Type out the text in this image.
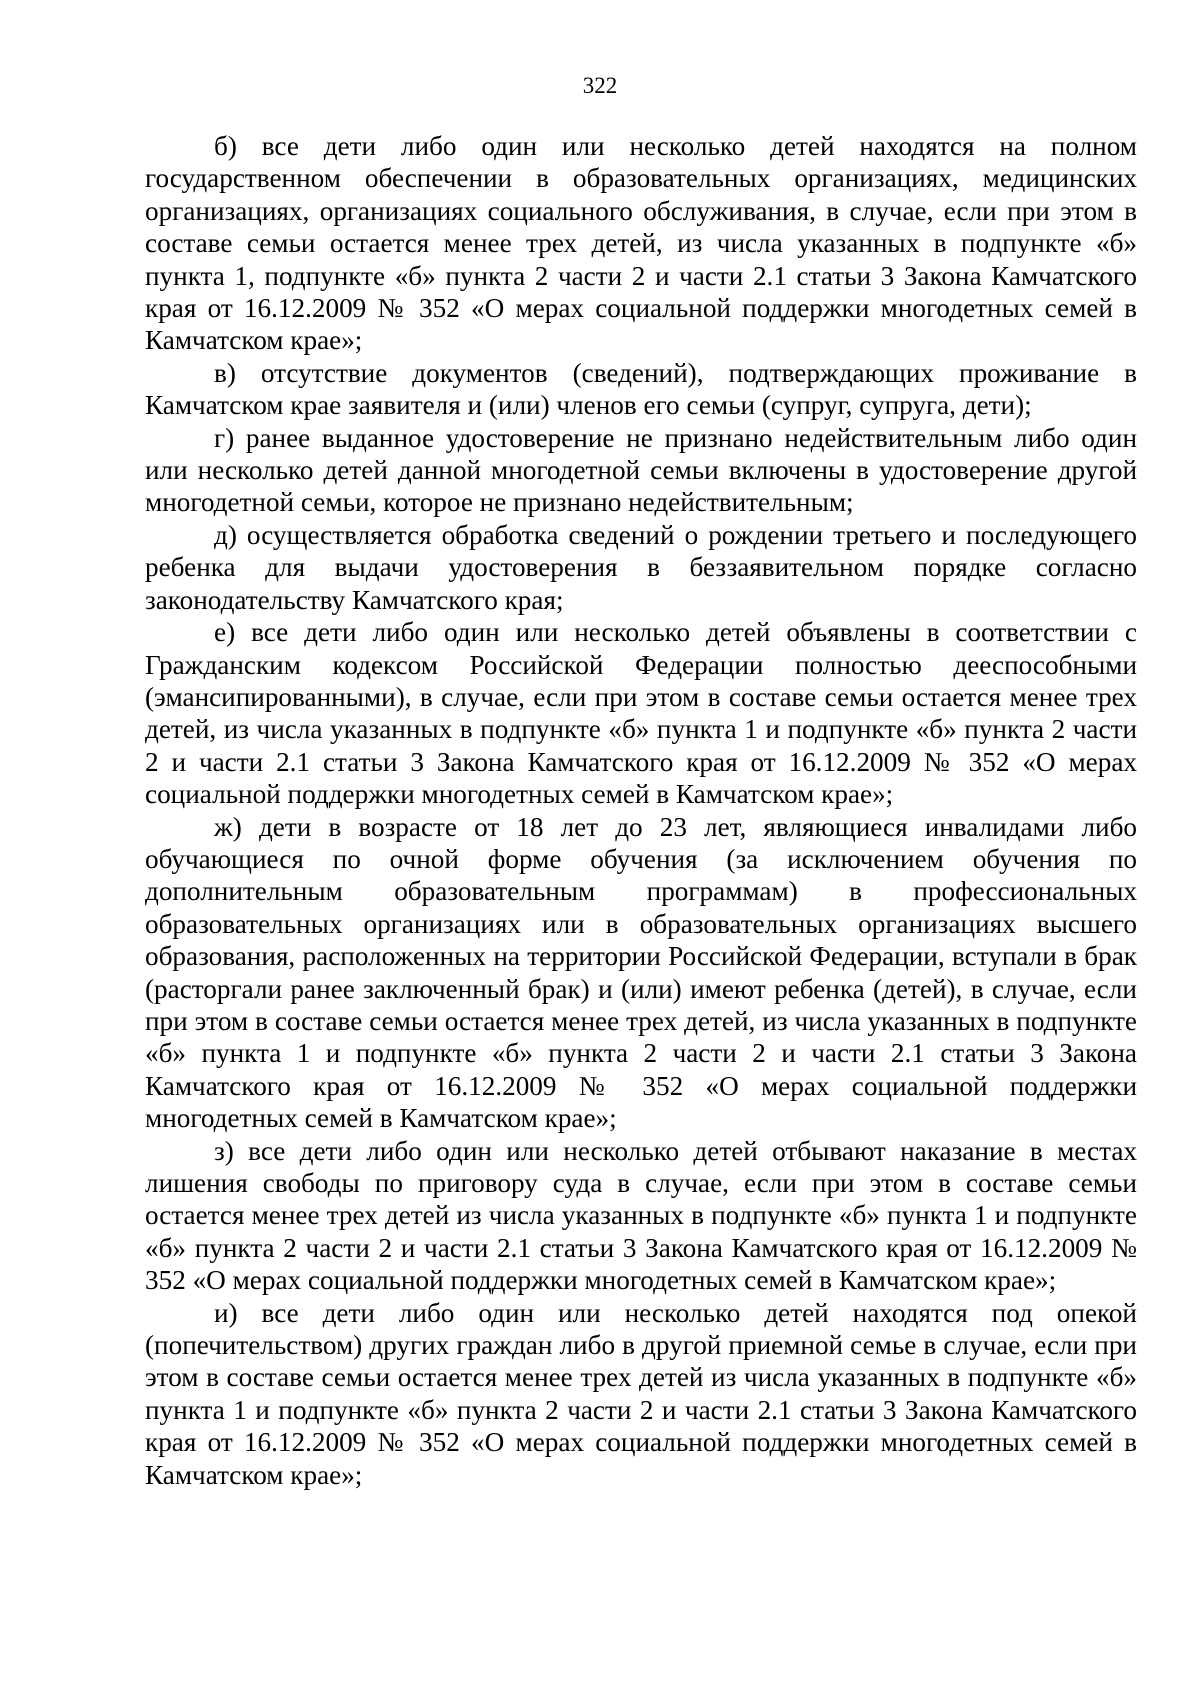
322

б) все дети либо один или несколько детей находятся на полном государственном обеспечении в образовательных организациях, медицинских организациях, организациях социального обслуживания, в случае, если при этом в составе семьи остается менее трех детей, из числа указанных в подпункте «б» пункта 1, подпункте «б» пункта 2 части 2 и части 2.1 статьи 3 Закона Камчатского края от 16.12.2009 № 352 «О мерах социальной поддержки многодетных семей в Камчатском крае»;

в) отсутствие документов (сведений), подтверждающих проживание в Камчатском крае заявителя и (или) членов его семьи (супруг, супруга, дети);

г) ранее выданное удостоверение не признано недействительным либо один или несколько детей данной многодетной семьи включены в удостоверение другой многодетной семьи, которое не признано недействительным;

д) осуществляется обработка сведений о рождении третьего и последующего ребенка для выдачи удостоверения в беззаявительном порядке согласно законодательству Камчатского края;

е) все дети либо один или несколько детей объявлены в соответствии с Гражданским кодексом Российской Федерации полностью дееспособными (эмансипированными), в случае, если при этом в составе семьи остается менее трех детей, из числа указанных в подпункте «б» пункта 1 и подпункте «б» пункта 2 части 2 и части 2.1 статьи 3 Закона Камчатского края от 16.12.2009 № 352 «О мерах социальной поддержки многодетных семей в Камчатском крае»;

ж) дети в возрасте от 18 лет до 23 лет, являющиеся инвалидами либо обучающиеся по очной форме обучения (за исключением обучения по дополнительным образовательным программам) в профессиональных образовательных организациях или в образовательных организациях высшего образования, расположенных на территории Российской Федерации, вступали в брак (расторгали ранее заключенный брак) и (или) имеют ребенка (детей), в случае, если при этом в составе семьи остается менее трех детей, из числа указанных в подпункте «б» пункта 1 и подпункте «б» пункта 2 части 2 и части 2.1 статьи 3 Закона Камчатского края от 16.12.2009 № 352 «О мерах социальной поддержки многодетных семей в Камчатском крае»;

з) все дети либо один или несколько детей отбывают наказание в местах лишения свободы по приговору суда в случае, если при этом в составе семьи остается менее трех детей из числа указанных в подпункте «б» пункта 1 и подпункте «б» пункта 2 части 2 и части 2.1 статьи 3 Закона Камчатского края от 16.12.2009 № 352 «О мерах социальной поддержки многодетных семей в Камчатском крае»;

и) все дети либо один или несколько детей находятся под опекой (попечительством) других граждан либо в другой приемной семье в случае, если при этом в составе семьи остается менее трех детей из числа указанных в подпункте «б» пункта 1 и подпункте «б» пункта 2 части 2 и части 2.1 статьи 3 Закона Камчатского края от 16.12.2009 № 352 «О мерах социальной поддержки многодетных семей в Камчатском крае»;
